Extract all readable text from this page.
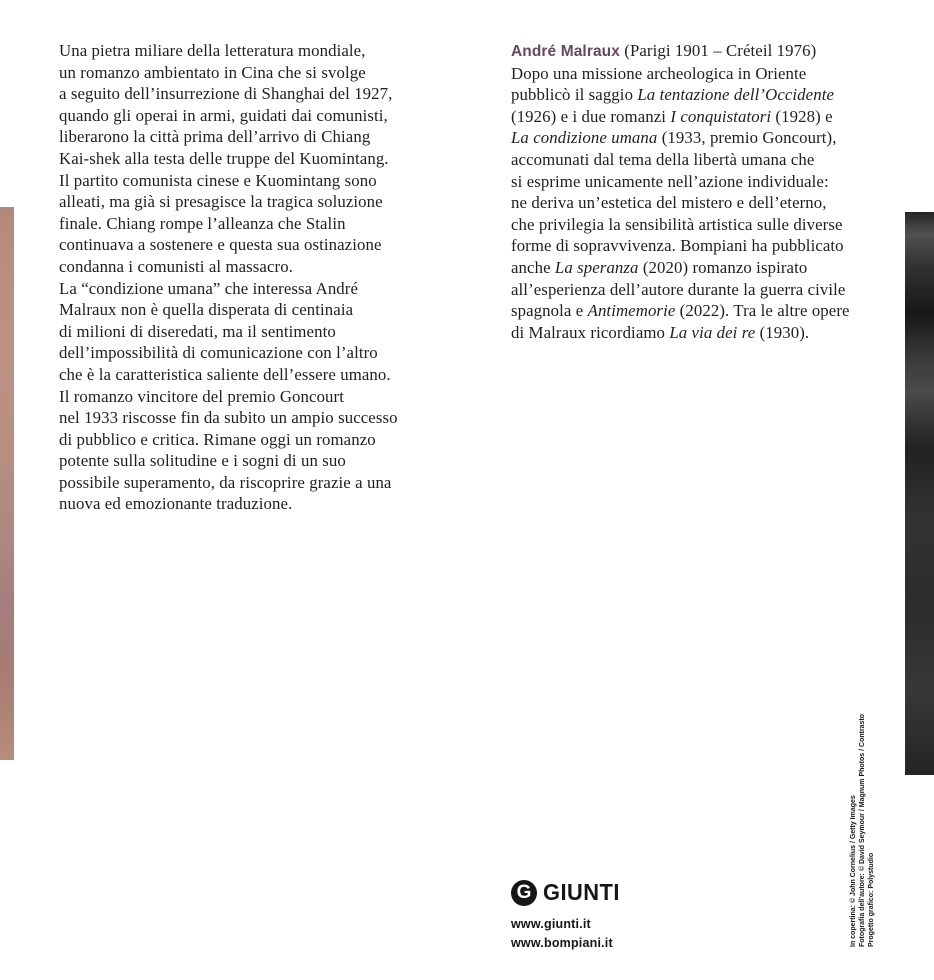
Una pietra miliare della letteratura mondiale,
un romanzo ambientato in Cina che si svolge
a seguito dell’insurrezione di Shanghai del 1927,
quando gli operai in armi, guidati dai comunisti,
liberarono la città prima dell’arrivo di Chiang
Kai-shek alla testa delle truppe del Kuomintang.
Il partito comunista cinese e Kuomintang sono
alleati, ma già si presagisce la tragica soluzione
finale. Chiang rompe l’alleanza che Stalin
continuava a sostenere e questa sua ostinazione
condanna i comunisti al massacro.
La “condizione umana” che interessa André
Malraux non è quella disperata di centinaia
di milioni di diseredati, ma il sentimento
dell’impossibilità di comunicazione con l’altro
che è la caratteristica saliente dell’essere umano.
Il romanzo vincitore del premio Goncourt
nel 1933 riscosse fin da subito un ampio successo
di pubblico e critica. Rimane oggi un romanzo
potente sulla solitudine e i sogni di un suo
possibile superamento, da riscoprire grazie a una
nuova ed emozionante traduzione.
André Malraux (Parigi 1901 – Créteil 1976)
Dopo una missione archeologica in Oriente
pubblicò il saggio La tentazione dell’Occidente
(1926) e i due romanzi I conquistatori (1928) e
La condizione umana (1933, premio Goncourt),
accomunati dal tema della libertà umana che
si esprime unicamente nell’azione individuale:
ne deriva un’estetica del mistero e dell’eterno,
che privilegia la sensibilità artistica sulle diverse
forme di sopravvivenza. Bompiani ha pubblicato
anche La speranza (2020) romanzo ispirato
all’esperienza dell’autore durante la guerra civile
spagnola e Antimemorie (2022). Tra le altre opere
di Malraux ricordiamo La via dei re (1930).
G GIUNTI
www.giunti.it
www.bompiani.it	In copertina: © John Cornelius / Getty Images Fotografia dell’autore: © David Seymour / Magnum Photos / Contrasto Progetto grafico: Polystudio
